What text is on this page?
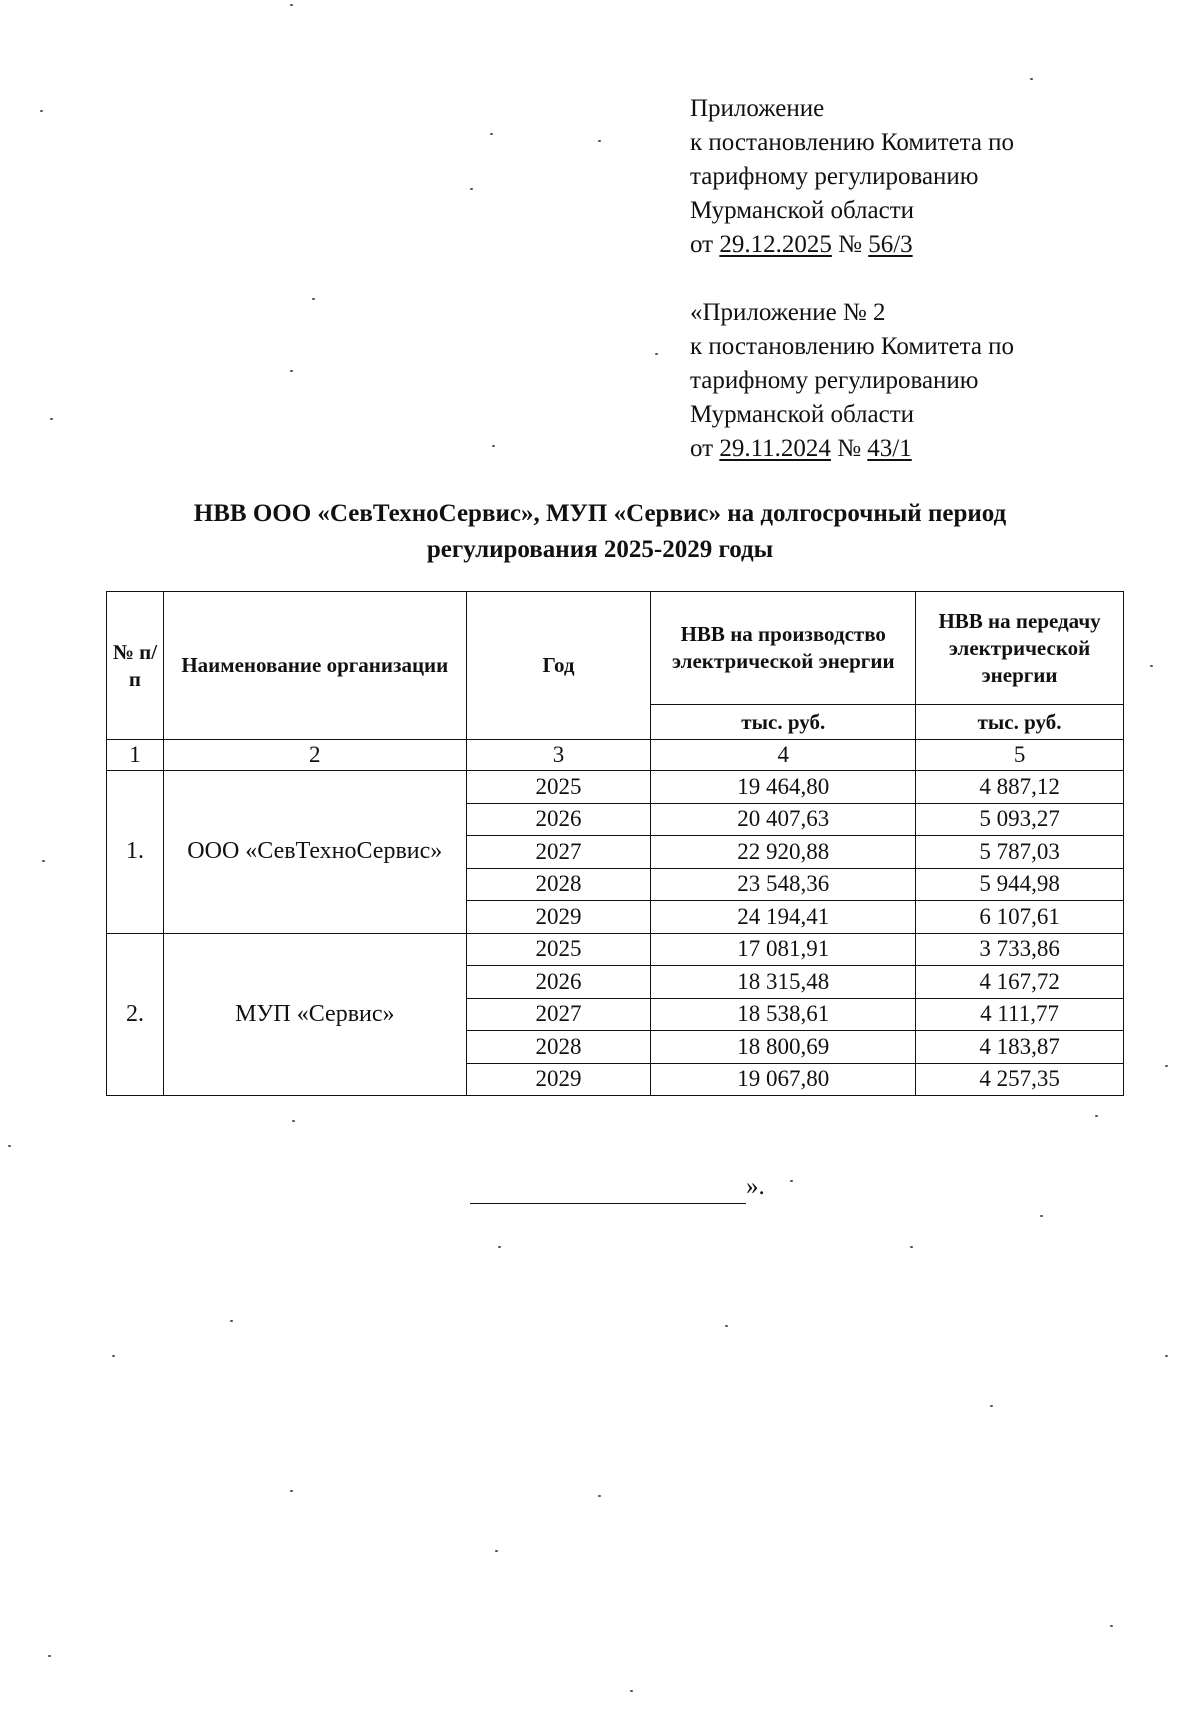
Приложение
к постановлению Комитета по
тарифному регулированию
Мурманской области
от 29.12.2025 № 56/3
«Приложение № 2
к постановлению Комитета по
тарифному регулированию
Мурманской области
от 29.11.2024 № 43/1
НВВ ООО «СевТехноСервис», МУП «Сервис» на долгосрочный период
регулирования 2025-2029 годы
№ п/п	Наименование организации	Год	НВВ на производство электрической энергии	НВВ на передачу электрической энергии
			тыс. руб.	тыс. руб.
1	2	3	4	5
1.	ООО «СевТехноСервис»	2025	19 464,80	4 887,12
		2026	20 407,63	5 093,27
		2027	22 920,88	5 787,03
		2028	23 548,36	5 944,98
		2029	24 194,41	6 107,61
2.	МУП «Сервис»	2025	17 081,91	3 733,86
		2026	18 315,48	4 167,72
		2027	18 538,61	4 111,77
		2028	18 800,69	4 183,87
		2029	19 067,80	4 257,35
».
